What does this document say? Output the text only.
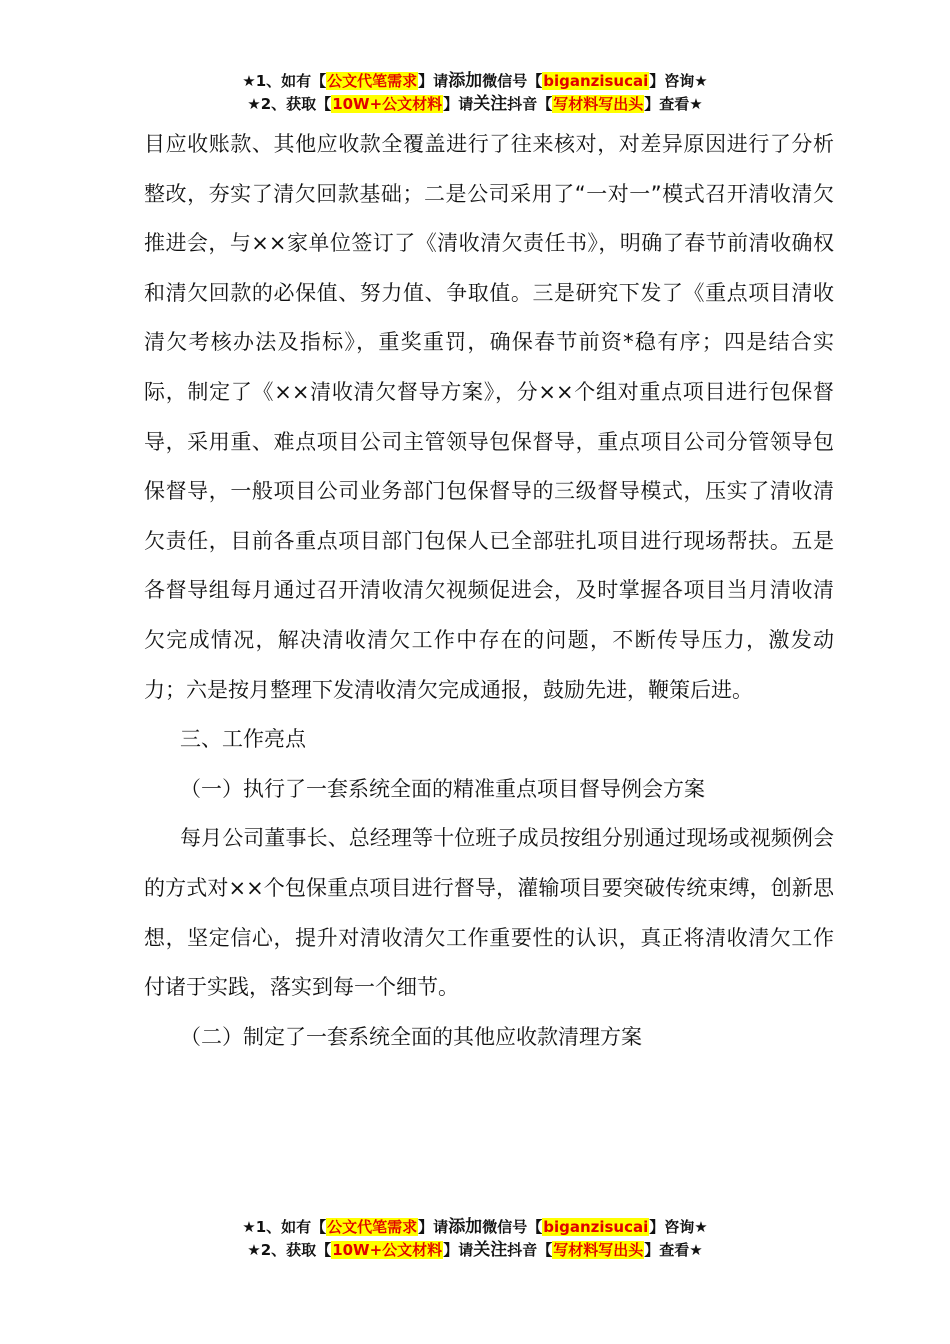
★1、如有【公文代笔需求】请添加微信号【biganzisucai】咨询★
★2、获取【10W+公文材料】请关注抖音【写材料写出头】查看★

目应收账款、其他应收款全覆盖进行了往来核对，对差异原因进行了分析整改，夯实了清欠回款基础；二是公司采用了“一对一”模式召开清收清欠推进会，与××家单位签订了《清收清欠责任书》，明确了春节前清收确权和清欠回款的必保值、努力值、争取值。三是研究下发了《重点项目清收清欠考核办法及指标》，重奖重罚，确保春节前资*稳有序；四是结合实际，制定了《××清收清欠督导方案》，分××个组对重点项目进行包保督导，采用重、难点项目公司主管领导包保督导，重点项目公司分管领导包保督导，一般项目公司业务部门包保督导的三级督导模式，压实了清收清欠责任，目前各重点项目部门包保人已全部驻扎项目进行现场帮扶。五是各督导组每月通过召开清收清欠视频促进会，及时掌握各项目当月清收清欠完成情况，解决清收清欠工作中存在的问题，不断传导压力，激发动力；六是按月整理下发清收清欠完成通报，鼓励先进，鞭策后进。

三、工作亮点

（一）执行了一套系统全面的精准重点项目督导例会方案

每月公司董事长、总经理等十位班子成员按组分别通过现场或视频例会的方式对××个包保重点项目进行督导，灌输项目要突破传统束缚，创新思想，坚定信心，提升对清收清欠工作重要性的认识，真正将清收清欠工作付诸于实践，落实到每一个细节。

（二）制定了一套系统全面的其他应收款清理方案

★1、如有【公文代笔需求】请添加微信号【biganzisucai】咨询★
★2、获取【10W+公文材料】请关注抖音【写材料写出头】查看★
